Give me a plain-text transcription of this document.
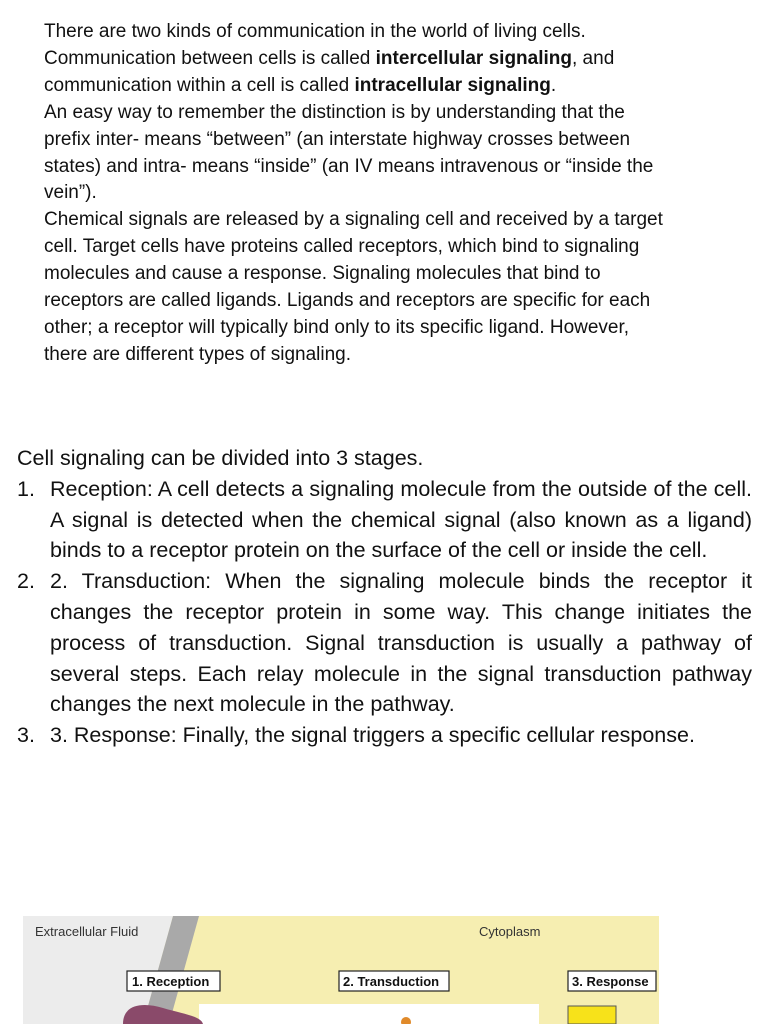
There are two kinds of communication in the world of living cells. Communication between cells is called intercellular signaling, and communication within a cell is called intracellular signaling.

An easy way to remember the distinction is by understanding that the prefix inter- means “between” (an interstate highway crosses between states) and intra- means “inside” (an IV means intravenous or “inside the vein”).

Chemical signals are released by a signaling cell and received by a target cell. Target cells have proteins called receptors, which bind to signaling molecules and cause a response. Signaling molecules that bind to receptors are called ligands. Ligands and receptors are specific for each other; a receptor will typically bind only to its specific ligand. However, there are different types of signaling.

Cell signaling can be divided into 3 stages.

1. Reception: A cell detects a signaling molecule from the outside of the cell. A signal is detected when the chemical signal (also known as a ligand) binds to a receptor protein on the surface of the cell or inside the cell.
2. 2. Transduction: When the signaling molecule binds the receptor it changes the receptor protein in some way. This change initiates the process of transduction. Signal transduction is usually a pathway of several steps. Each relay molecule in the signal transduction pathway changes the next molecule in the pathway.
3. 3. Response: Finally, the signal triggers a specific cellular response.
Extracellular Fluid	Cytoplasm
1. Reception	2. Transduction	3. Response
